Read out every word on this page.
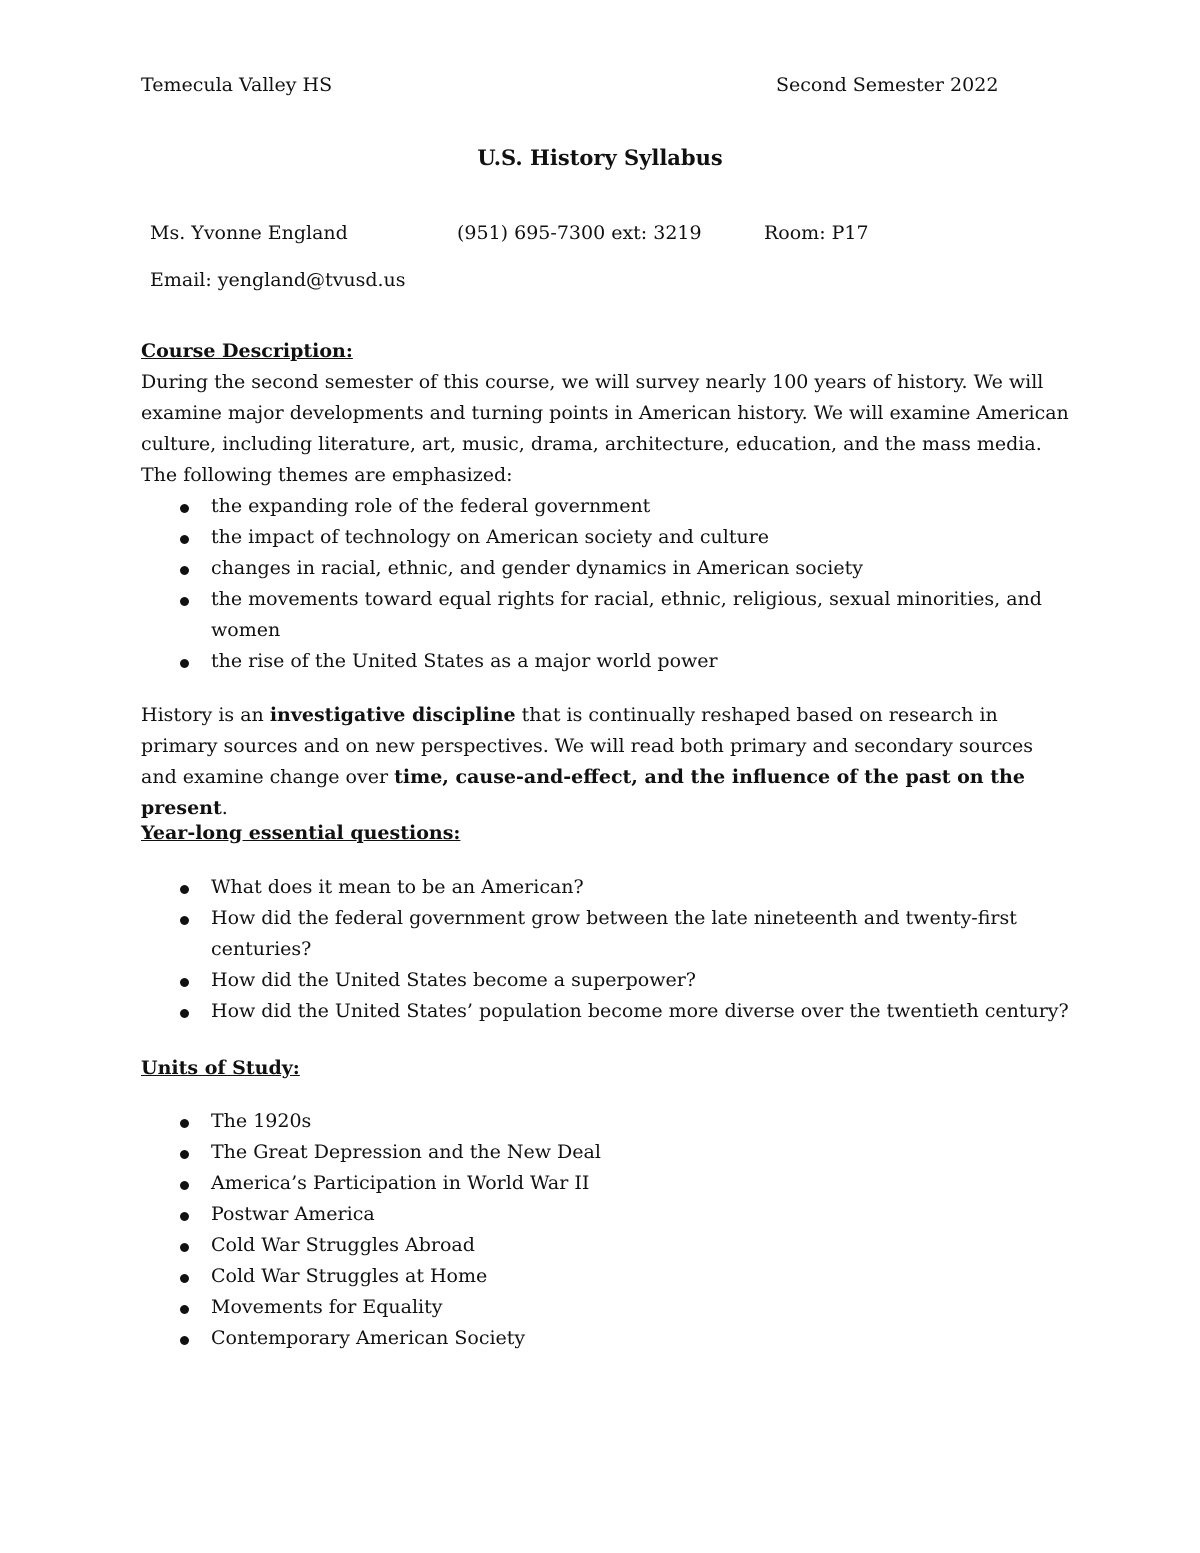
Temecula Valley HS	Second Semester 2022
U.S. History Syllabus
Ms. Yvonne England	(951) 695-7300 ext: 3219	Room: P17
Email: yengland@tvusd.us
Course Description:

During the second semester of this course, we will survey nearly 100 years of history. We will examine major developments and turning points in American history. We will examine American culture, including literature, art, music, drama, architecture, education, and the mass media.

The following themes are emphasized:

the expanding role of the federal government
the impact of technology on American society and culture
changes in racial, ethnic, and gender dynamics in American society
the movements toward equal rights for racial, ethnic, religious, sexual minorities, and women
the rise of the United States as a major world power

History is an investigative discipline that is continually reshaped based on research in primary sources and on new perspectives. We will read both primary and secondary sources and examine change over time, cause-and-effect, and the influence of the past on the present.

Year-long essential questions:
What does it mean to be an American?
How did the federal government grow between the late nineteenth and twenty-first centuries?
How did the United States become a superpower?
How did the United States’ population become more diverse over the twentieth century?
Units of Study:
The 1920s
The Great Depression and the New Deal
America’s Participation in World War II
Postwar America
Cold War Struggles Abroad
Cold War Struggles at Home
Movements for Equality
Contemporary American Society
